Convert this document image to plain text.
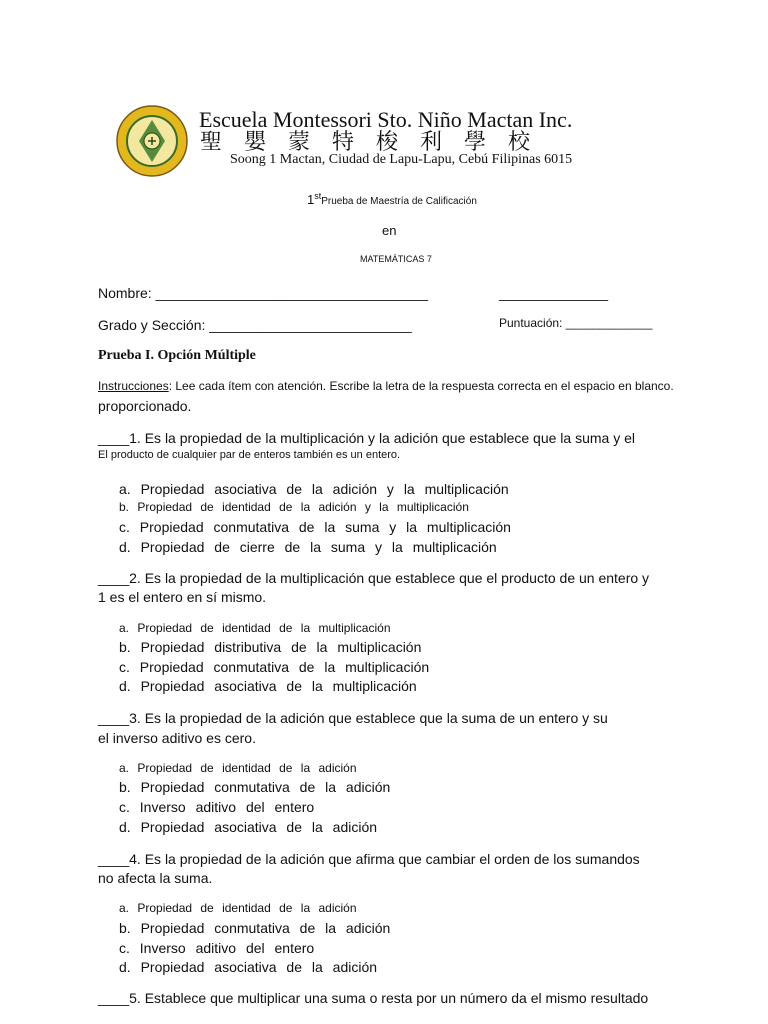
Escuela Montessori Sto. Niño Mactan Inc.
聖嬰蒙特梭利學校
Soong 1 Mactan, Ciudad de Lapu-Lapu, Cebú Filipinas 6015
1stPrueba de Maestría de Calificación
en
MATEMÁTICAS 7
Nombre: ___________________________________	______________
Grado y Sección: __________________________	Puntuación: _____________
Prueba I. Opción Múltiple
Instrucciones: Lee cada ítem con atención. Escribe la letra de la respuesta correcta en el espacio en blanco.
proporcionado.
____1. Es la propiedad de la multiplicación y la adición que establece que la suma y el
El producto de cualquier par de enteros también es un entero.
a. Propiedad asociativa de la adición y la multiplicación
b. Propiedad de identidad de la adición y la multiplicación
c. Propiedad conmutativa de la suma y la multiplicación
d. Propiedad de cierre de la suma y la multiplicación
____2. Es la propiedad de la multiplicación que establece que el producto de un entero y
1 es el entero en sí mismo.
a. Propiedad de identidad de la multiplicación
b. Propiedad distributiva de la multiplicación
c. Propiedad conmutativa de la multiplicación
d. Propiedad asociativa de la multiplicación
____3. Es la propiedad de la adición que establece que la suma de un entero y su
el inverso aditivo es cero.
a. Propiedad de identidad de la adición
b. Propiedad conmutativa de la adición
c. Inverso aditivo del entero
d. Propiedad asociativa de la adición
____4. Es la propiedad de la adición que afirma que cambiar el orden de los sumandos
no afecta la suma.
a. Propiedad de identidad de la adición
b. Propiedad conmutativa de la adición
c. Inverso aditivo del entero
d. Propiedad asociativa de la adición
____5. Establece que multiplicar una suma o resta por un número da el mismo resultado
